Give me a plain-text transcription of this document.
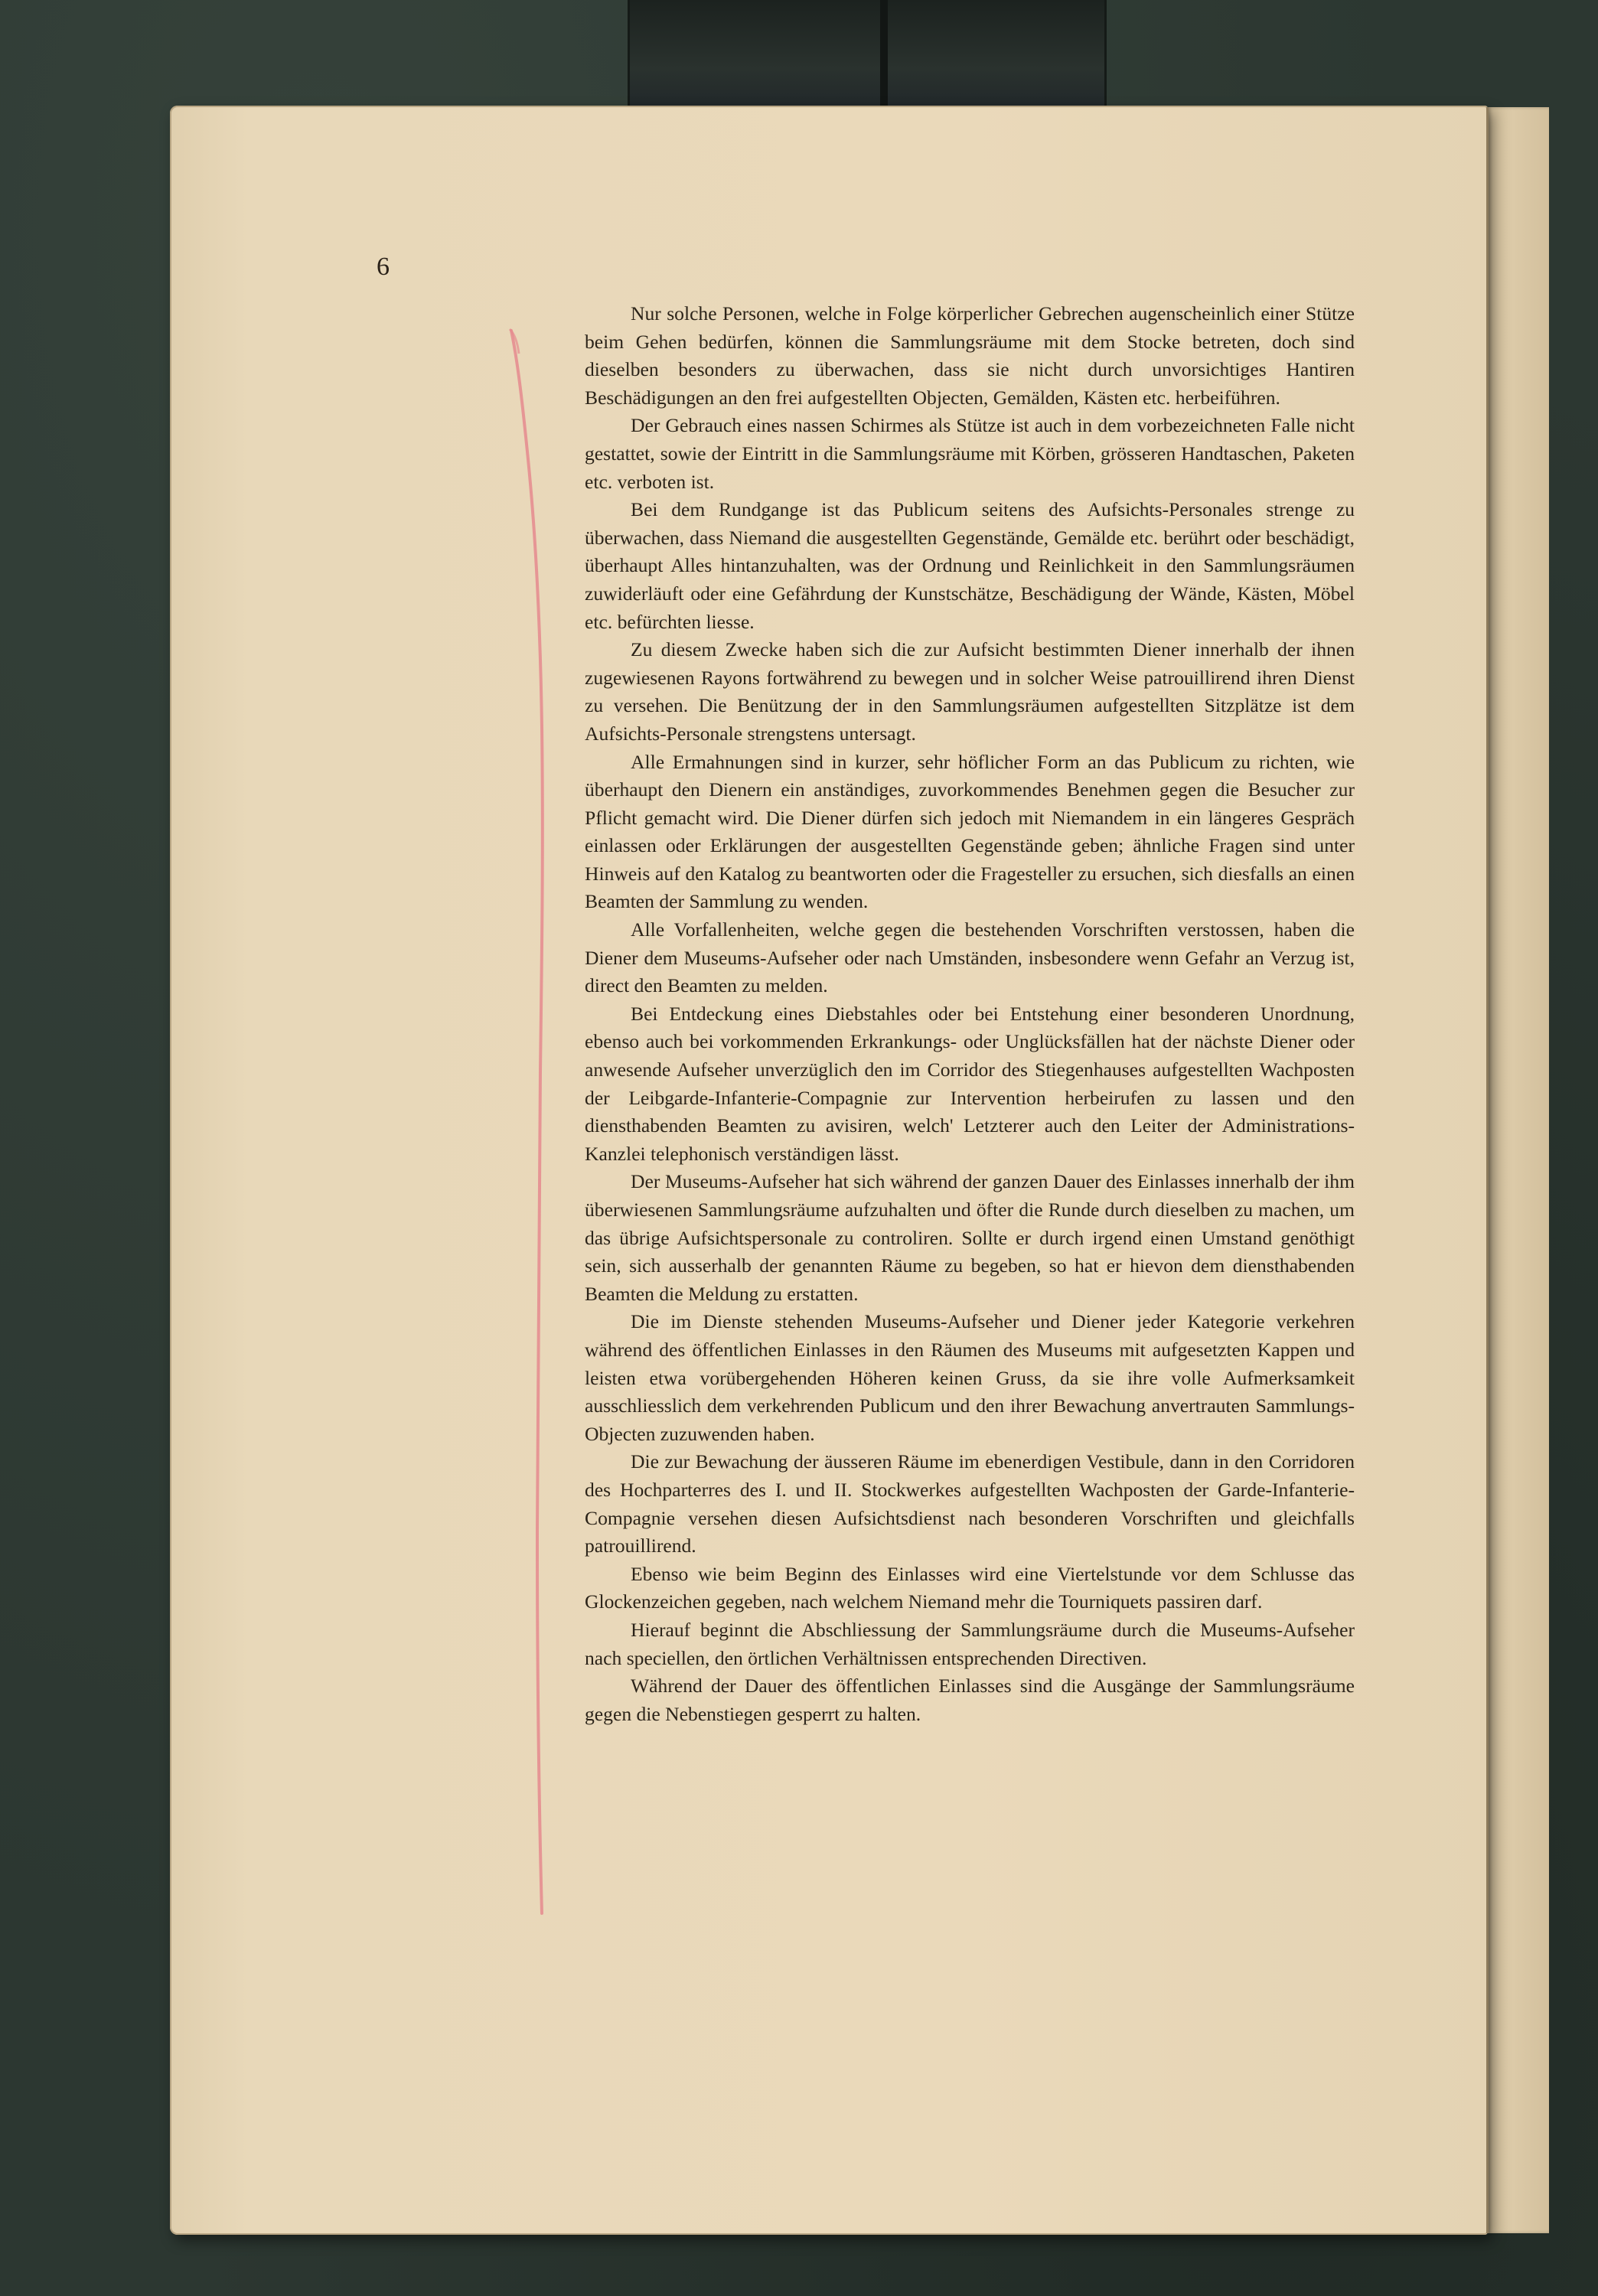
6

Nur solche Personen, welche in Folge körperlicher Gebrechen augenscheinlich einer Stütze beim Gehen bedürfen, können die Sammlungsräume mit dem Stocke betreten, doch sind dieselben besonders zu überwachen, dass sie nicht durch unvorsichtiges Hantiren Beschädigungen an den frei aufgestellten Objecten, Gemälden, Kästen etc. herbeiführen.

Der Gebrauch eines nassen Schirmes als Stütze ist auch in dem vorbezeichneten Falle nicht gestattet, sowie der Eintritt in die Sammlungsräume mit Körben, grösseren Handtaschen, Paketen etc. verboten ist.

Bei dem Rundgange ist das Publicum seitens des Aufsichts-Personales strenge zu überwachen, dass Niemand die ausgestellten Gegenstände, Gemälde etc. berührt oder beschädigt, überhaupt Alles hintanzuhalten, was der Ordnung und Reinlichkeit in den Sammlungsräumen zuwiderläuft oder eine Gefährdung der Kunstschätze, Beschädigung der Wände, Kästen, Möbel etc. befürchten liesse.

Zu diesem Zwecke haben sich die zur Aufsicht bestimmten Diener innerhalb der ihnen zugewiesenen Rayons fortwährend zu bewegen und in solcher Weise patrouillirend ihren Dienst zu versehen. Die Benützung der in den Sammlungsräumen aufgestellten Sitzplätze ist dem Aufsichts-Personale strengstens untersagt.

Alle Ermahnungen sind in kurzer, sehr höflicher Form an das Publicum zu richten, wie überhaupt den Dienern ein anständiges, zuvorkommendes Benehmen gegen die Besucher zur Pflicht gemacht wird. Die Diener dürfen sich jedoch mit Niemandem in ein längeres Gespräch einlassen oder Erklärungen der ausgestellten Gegenstände geben; ähnliche Fragen sind unter Hinweis auf den Katalog zu beantworten oder die Fragesteller zu ersuchen, sich diesfalls an einen Beamten der Sammlung zu wenden.

Alle Vorfallenheiten, welche gegen die bestehenden Vorschriften verstossen, haben die Diener dem Museums-Aufseher oder nach Umständen, insbesondere wenn Gefahr an Verzug ist, direct den Beamten zu melden.

Bei Entdeckung eines Diebstahles oder bei Entstehung einer besonderen Unordnung, ebenso auch bei vorkommenden Erkrankungs- oder Unglücksfällen hat der nächste Diener oder anwesende Aufseher unverzüglich den im Corridor des Stiegenhauses aufgestellten Wachposten der Leibgarde-Infanterie-Compagnie zur Intervention herbeirufen zu lassen und den diensthabenden Beamten zu avisiren, welch' Letzterer auch den Leiter der Administrations-Kanzlei telephonisch verständigen lässt.

Der Museums-Aufseher hat sich während der ganzen Dauer des Einlasses innerhalb der ihm überwiesenen Sammlungsräume aufzuhalten und öfter die Runde durch dieselben zu machen, um das übrige Aufsichtspersonale zu controliren. Sollte er durch irgend einen Umstand genöthigt sein, sich ausserhalb der genannten Räume zu begeben, so hat er hievon dem diensthabenden Beamten die Meldung zu erstatten.

Die im Dienste stehenden Museums-Aufseher und Diener jeder Kategorie verkehren während des öffentlichen Einlasses in den Räumen des Museums mit aufgesetzten Kappen und leisten etwa vorübergehenden Höheren keinen Gruss, da sie ihre volle Aufmerksamkeit ausschliesslich dem verkehrenden Publicum und den ihrer Bewachung anvertrauten Sammlungs-Objecten zuzuwenden haben.

Die zur Bewachung der äusseren Räume im ebenerdigen Vestibule, dann in den Corridoren des Hochparterres des I. und II. Stockwerkes aufgestellten Wachposten der Garde-Infanterie-Compagnie versehen diesen Aufsichtsdienst nach besonderen Vorschriften und gleichfalls patrouillirend.

Ebenso wie beim Beginn des Einlasses wird eine Viertelstunde vor dem Schlusse das Glockenzeichen gegeben, nach welchem Niemand mehr die Tourniquets passiren darf.

Hierauf beginnt die Abschliessung der Sammlungsräume durch die Museums-Aufseher nach speciellen, den örtlichen Verhältnissen entsprechenden Directiven.

Während der Dauer des öffentlichen Einlasses sind die Ausgänge der Sammlungsräume gegen die Nebenstiegen gesperrt zu halten.
